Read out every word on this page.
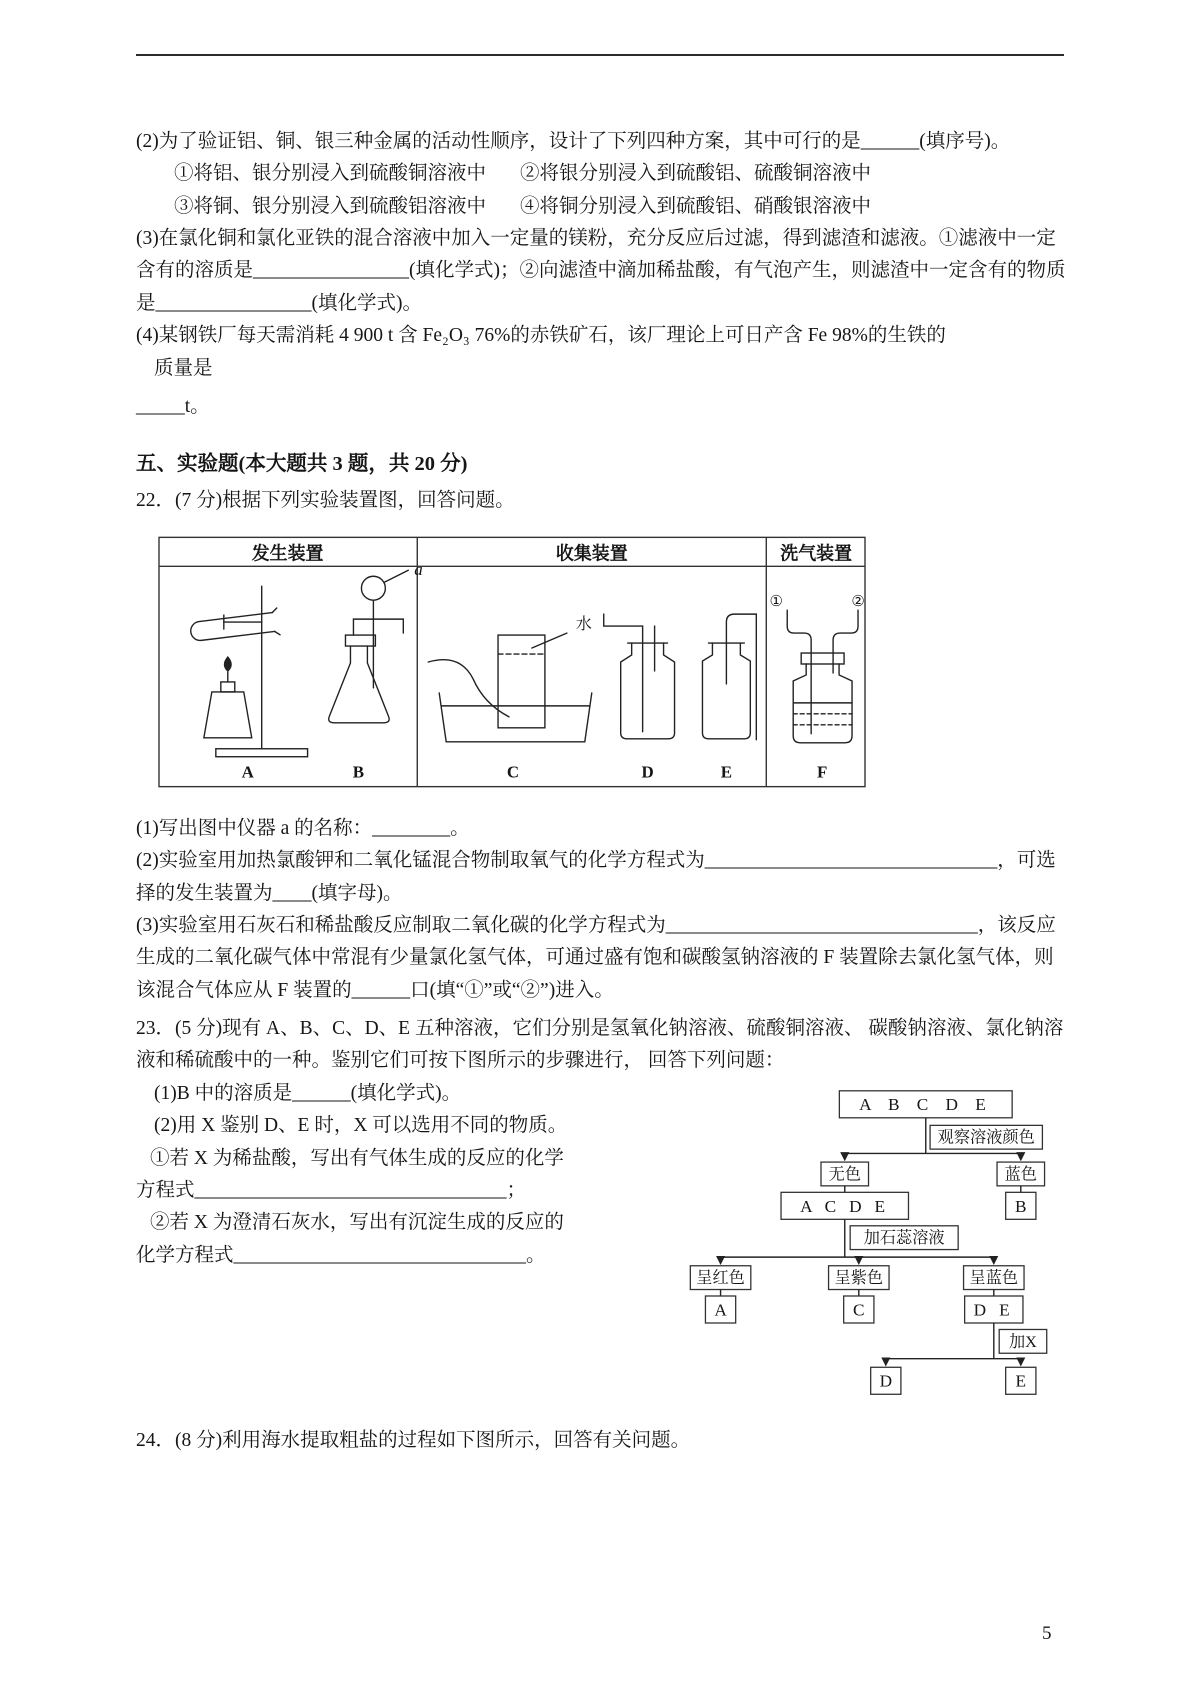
(2)为了验证铝、铜、银三种金属的活动性顺序，设计了下列四种方案，其中可行的是______(填序号)。

①将铝、银分别浸入到硫酸铜溶液中 ②将银分别浸入到硫酸铝、硫酸铜溶液中
③将铜、银分别浸入到硫酸铝溶液中 ④将铜分别浸入到硫酸铝、硝酸银溶液中

(3)在氯化铜和氯化亚铁的混合溶液中加入一定量的镁粉，充分反应后过滤，得到滤渣和滤液。①滤液中一定含有的溶质是________________(填化学式)；②向滤渣中滴加稀盐酸，有气泡产生，则滤渣中一定含有的物质是________________(填化学式)。

(4)某钢铁厂每天需消耗 4 900 t 含 Fe₂O₃ 76%的赤铁矿石，该厂理论上可日产含 Fe 98%的生铁的

质量是

_____t。

五、实验题(本大题共 3 题，共 20 分)

22．(7 分)根据下列实验装置图，回答问题。

发生装置	收集装置	洗气装置
a
水
①	②
A	B	C	D	E	F

(1)写出图中仪器 a 的名称：________。

(2)实验室用加热氯酸钾和二氧化锰混合物制取氧气的化学方程式为______________________________，可选择的发生装置为____(填字母)。

(3)实验室用石灰石和稀盐酸反应制取二氧化碳的化学方程式为________________________________，该反应生成的二氧化碳气体中常混有少量氯化氢气体，可通过盛有饱和碳酸氢钠溶液的 F 装置除去氯化氢气体，则该混合气体应从 F 装置的______口(填“①”或“②”)进入。

23．(5 分)现有 A、B、C、D、E 五种溶液，它们分别是氢氧化钠溶液、硫酸铜溶液、 碳酸钠溶液、氯化钠溶液和稀硫酸中的一种。鉴别它们可按下图所示的步骤进行， 回答下列问题：

(1)B 中的溶质是______(填化学式)。

(2)用 X 鉴别 D、E 时，X 可以选用不同的物质。

①若 X 为稀盐酸，写出有气体生成的反应的化学

方程式________________________________；

②若 X 为澄清石灰水，写出有沉淀生成的反应的

化学方程式______________________________。

A B C D E
观察溶液颜色
无色	蓝色
A C D E	B
加石蕊溶液
呈红色	呈紫色	呈蓝色
A	C	D E
加X
D	E

24．(8 分)利用海水提取粗盐的过程如下图所示，回答有关问题。

5
